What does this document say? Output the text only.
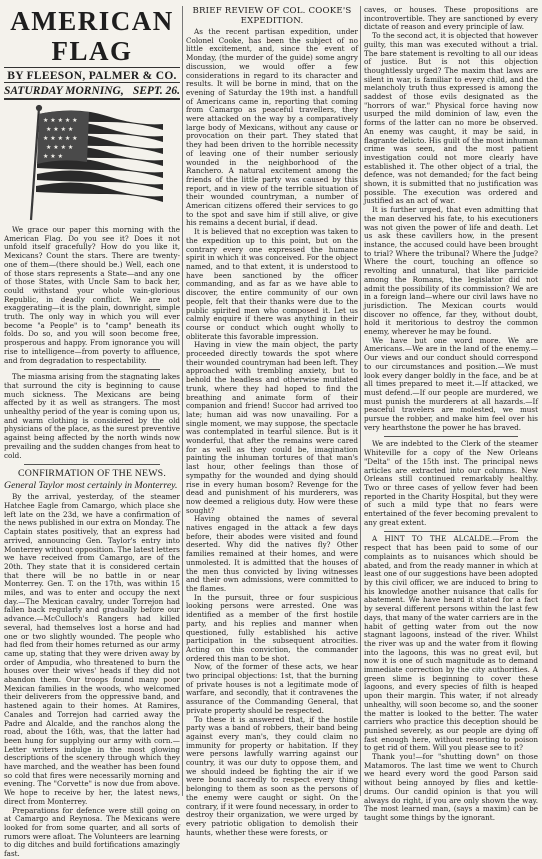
AMERICAN FLAG
BY FLEESON, PALMER & CO.
SATURDAY MORNING, SEPT. 26.
★ ★ ★ ★ ★
★ ★ ★ ★
★ ★ ★ ★ ★
★ ★ ★ ★
★ ★ ★

We grace our paper this morning with the American Flag. Do you see it? Does it not unfold itself gracefully? How do you like it, Mexicans? Count the stars. There are twenty-one of them—(there should be.) Well, each one of those stars represents a State—and any one of those States, with Uncle Sam to back her, could withstand your whole vain-glorious Republic, in deadly conflict. We are not exaggerating—it is the plain, downright, simple truth. The only way in which you will ever become "a People" is to "camp" beneath its folds. Do so, and you will soon become free, prosperous and happy. From ignorance you will rise to intelligence—from poverty to affluence, and from degradation to respectability.

The miasma arising from the stagnating lakes that surround the city is beginning to cause much sickness. The Mexicans are being affected by it as well as strangers. The most unhealthy period of the year is coming upon us, and warm clothing is considered by the old physicians of the place, as the surest preventive against being affected by the north winds now prevailing and the sudden changes from heat to cold.

CONFIRMATION OF THE NEWS.
General Taylor most certainly in Monterrey.

By the arrival, yesterday, of the steamer Hatchee Eagle from Camargo, which place she left late on the 23d, we have a confirmation of the news published in our extra on Monday. The Captain states positively, that an express had arrived, announcing Gen. Taylor's entry into Monterrey without opposition. The latest letters we have received from Camargo, are of the 20th. They state that it is considered certain that there will be no battle in or near Monterrey. Gen. T. on the 17th, was within 15 miles, and was to enter and occupy the next day.—The Mexican cavalry, under Torrejon had fallen back regularly and gradually before our advance.—McCulloch's Rangers had killed several, had themselves lost a horse and had one or two slightly wounded. The people who had fled from their homes returned as our army came up, stating that they were driven away by order of Ampudia, who threatened to burn the houses over their wives' heads if they did not abandon them. Our troops found many poor Mexican families in the woods, who welcomed their deliverers from the oppressive band, and hastened again to their homes. At Ramires, Canales and Torrejon had carried away the Padre and Alcalde, and the ranchos along the road, about the 16th, was, that the latter had been hung for supplying our army with corn.—Letter writers indulge in the most glowing descriptions of the scenery through which they have marched, and the weather has been found so cold that fires were necessarily morning and evening. The "Corvette" is now due from above. We hope to receive by her, the latest news, direct from Monterrey.

Preparations for defence were still going on at Camargo and Reynosa. The Mexicans were looked for from some quarter, and all sorts of rumors were afloat. The Volunteers are learning to dig ditches and build fortifications amazingly fast.

BRIEF REVIEW OF COL. COOKE'S EXPEDITION.

As the recent partisan expedition, under Colonel Cooke, has been the subject of no little excitement, and, since the event of Monday, (the murder of the guide) some angry discussion, we would offer a few considerations in regard to its character and results. It will be borne in mind, that on the evening of Saturday the 19th inst. a handfull of Americans came in, reporting that coming from Camargo as peaceful travellers, they were attacked on the way by a comparatively large body of Mexicans, without any cause or provocation on their part. They stated that they had been driven to the horrible necessity of leaving one of their number seriously wounded in the neighborhood of the Ranchero. A natural excitement among the friends of the little party was caused by this report, and in view of the terrible situation of their wounded countryman, a number of American citizens offered their services to go to the spot and save him if still alive, or give his remains a decent burial, if dead.

It is believed that no exception was taken to the expedition up to this point, but on the contrary every one expressed the humane spirit in which it was conceived. For the object named, and to that extent, it is understood to have been sanctioned by the officer commanding, and as far as we have able to discover, the entire community of our own people, felt that their thanks were due to the public spirited men who composed it. Let us calmly enquire if there was anything in their course or conduct which ought wholly to obliterate this favorable impression.

Having in view the main object, the party proceeded directly towards the spot where their wounded countryman had been left. They approached with trembling anxiety, but to behold the headless and otherwise mutilated trunk, where they had hoped to find the breathing and animate form of their companion and friend! Succor had arrived too late; human aid was now unavailing. For a single moment, we may suppose, the spectacle was contemplated in tearful silence. But is it wonderful, that after the remains were cared for as well as they could be, imagination painting the inhuman tortures of that man's last hour, other feelings than those of sympathy for the wounded and dying should rise in every human bosom? Revenge for the dead and punishment of his murderers, was now deemed a religious duty. How were these sought?

Having obtained the names of several natives engaged in the attack a few days before, their abodes were visited and found deserted. Why did the natives fly? Other families remained at their homes, and were unmolested. It is admitted that the houses of the men thus convicted by living witnesses and their own admissions, were committed to the flames.

In the pursuit, three or four suspicious looking persons were arrested. One was identified as a member of the first hostile party, and his replies and manner when questioned, fully established his active participation in the subsequent atrocities. Acting on this conviction, the commander ordered this man to be shot.

Now, of the former of these acts, we hear two principal objections: 1st, that the burning of private houses is not a legitimate mode of warfare, and secondly, that it contravenes the assurance of the Commanding General, that private property should be respected.

To these it is answered that, if the hostile party was a band of robbers, their band being against every man's, they could claim no immunity for property or habitation. If they were persons lawfully warring against our country, it was our duty to oppose them, and we should indeed be fighting the air if we were bound sacredly to respect every thing belonging to them as soon as the persons of the enemy were caught or sight. On the contrary, if it were found necessary, in order to destroy their organization, we were urged by every patriotic obligation to demolish their haunts, whether these were forests, or

caves, or houses. These propositions are incontrovertible. They are sanctioned by every dictate of reason and every principle of law.

To the second act, it is objected that however guilty, this man was executed without a trial. The bare statement is revolting to all our ideas of justice. But is not this objection thoughtlessly urged? The maxim that laws are silent in war, is familiar to every child, and the melancholy truth thus expressed is among the saddest of those evils designated as the "horrors of war." Physical force having now usurped the mild dominion of law, even the forms of the latter can no more be observed. An enemy was caught, it may be said, in flagrante delicto. His guilt of the most inhuman crime was seen, and the most patient investigation could not more clearly have established it. The other object of a trial, the defence, was not demanded; for the fact being shown, it is submitted that no justification was possible. The execution was ordered and justified as an act of war.

It is further urged, that even admitting that the man deserved his fate, to his executioners was not given the power of life and death. Let us ask these cavillers how, in the present instance, the accused could have been brought to trial? Where the tribunal? Where the Judge? Where the court, touching an offence so revolting and unnatural, that like parricide among the Romans, the legislator did not admit the possibility of its commission? We are in a foreign land—where our civil laws have no jurisdiction. The Mexican courts would discover no offence, far they, without doubt, hold it meritorious to destroy the common enemy, wherever he may be found.

We have but one word more. We are Americans.—We are in the land of the enemy.—Our views and our conduct should correspond to our circumstances and position.—We must look every danger boldly in the face, and be at all times prepared to meet it.—If attacked, we must defend.—If our people are murdered, we must punish the murderers at all hazards.—If peaceful travelers are molested, we must pursue the robber, and make him feel over his very hearthstone the power he has braved.

We are indebted to the Clerk of the steamer Whiteville for a copy of the New Orleans "Delta" of the 15th inst. The principal news articles are extracted into our columns. New Orleans still continued remarkably healthy. Two or three cases of yellow fever had been reported in the Charity Hospital, but they were of such a mild type that no fears were entertained of the fever becoming prevalent to any great extent.

A HINT TO THE ALCALDE.—From the respect that has been paid to some of our complaints as to nuisances which should be abated, and from the ready manner in which at least one of our suggestions have been adopted by this civil officer, we are induced to bring to his knowledge another nuisance that calls for abatement. We have heard it stated for a fact by several different persons within the last few days, that many of the water carriers are in the habit of getting water from out the now stagnant lagoons, instead of the river. Whilst the river was up and the water from it flowing into the lagoons, this was no great evil, but now it is one of such magnitude as to demand immediate correction by the city authorities. A green slime is beginning to cover these lagoons, and every species of filth is heaped upon their margin. This water, if not already unhealthy, will soon become so, and the sooner the matter is looked to the better. The water carriers who practice this deception should be punished severely, as our people are dying off fast enough here, without resorting to poison to get rid of them. Will you please see to it?

Thank you!—for "shutting down" on those Matamoros. The last time we went to Church we heard every word the good Parson said without being annoyed by flies and kettle-drums. Our candid opinion is that you will always do right, if you are only shown the way. The most learned man, (says a maxim) can be taught some things by the ignorant.
